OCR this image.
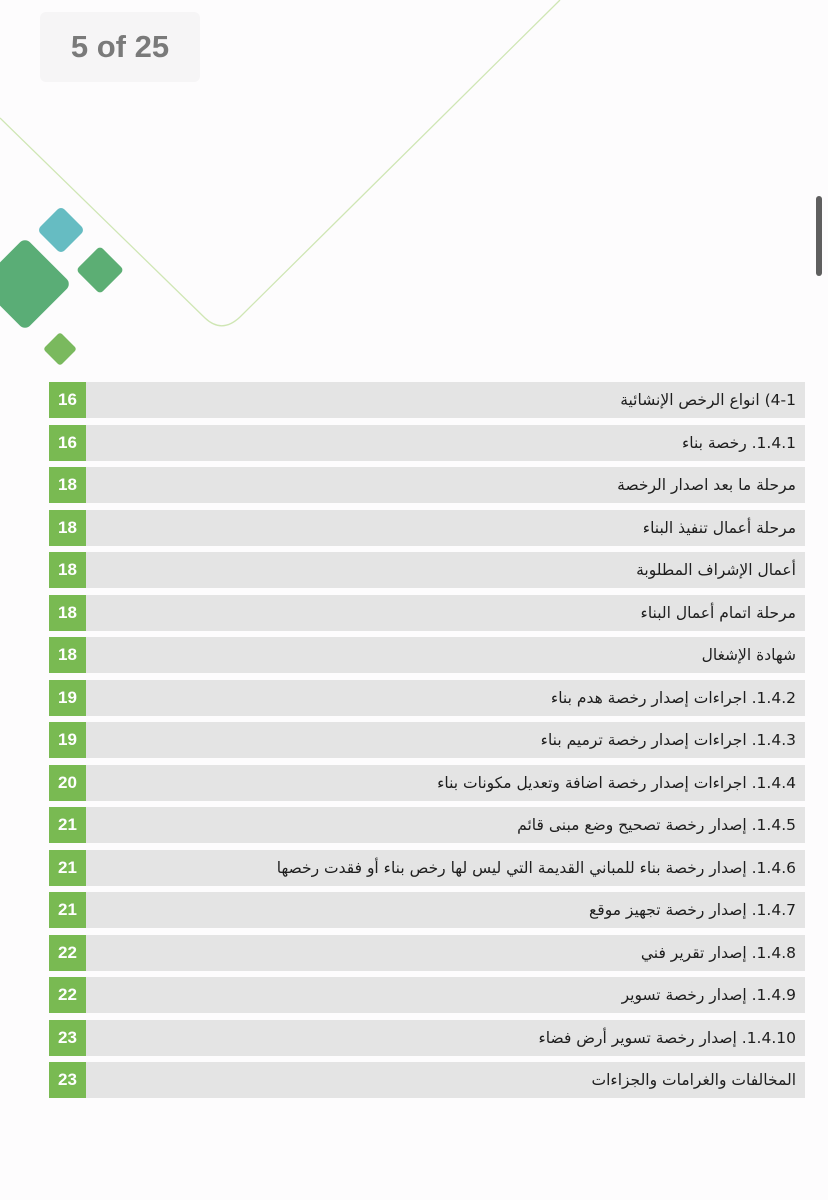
5 of 25
16	4-1) انواع الرخص الإنشائية
16	1.4.1. رخصة بناء
18	مرحلة ما بعد اصدار الرخصة
18	مرحلة أعمال تنفيذ البناء
18	أعمال الإشراف المطلوبة
18	مرحلة اتمام أعمال البناء
18	شهادة الإشغال
19	1.4.2. اجراءات إصدار رخصة هدم بناء
19	1.4.3. اجراءات إصدار رخصة ترميم بناء
20	1.4.4. اجراءات إصدار رخصة اضافة وتعديل مكونات بناء
21	1.4.5. إصدار رخصة تصحيح وضع مبنى قائم
21	1.4.6. إصدار رخصة بناء للمباني القديمة التي ليس لها رخص بناء أو فقدت رخصها
21	1.4.7. إصدار رخصة تجهيز موقع
22	1.4.8. إصدار تقرير فني
22	1.4.9. إصدار رخصة تسوير
23	1.4.10. إصدار رخصة تسوير أرض فضاء
23	المخالفات والغرامات والجزاءات
